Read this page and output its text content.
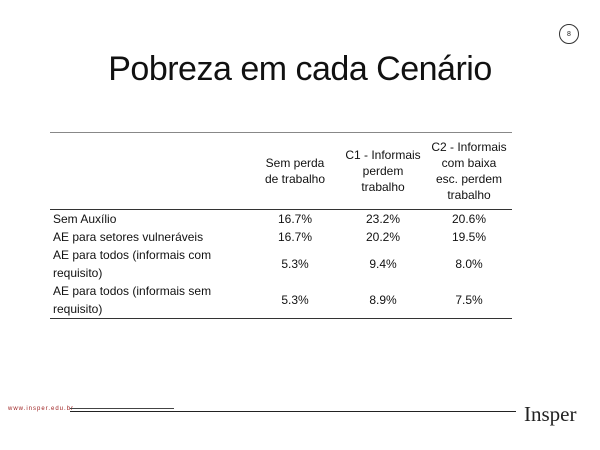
8
Pobreza em cada Cenário

	Sem perda de trabalho	C1 - Informais perdem trabalho	C2 - Informais com baixa esc. perdem trabalho

Sem Auxílio	16.7%	23.2%	20.6%
AE para setores vulneráveis	16.7%	20.2%	19.5%
AE para todos (informais com requisito)	5.3%	9.4%	8.0%
AE para todos (informais sem requisito)	5.3%	8.9%	7.5%
www.insper.edu.br	Insper
